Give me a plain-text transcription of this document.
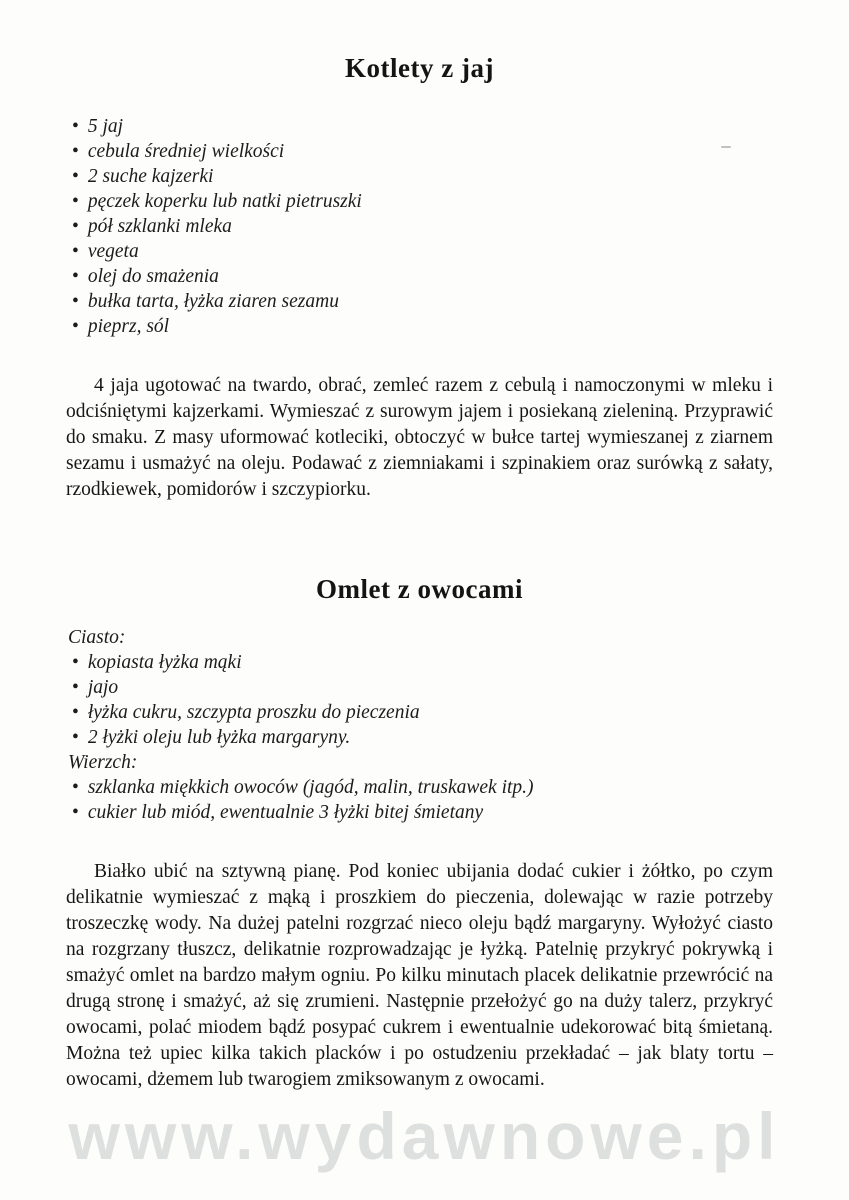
Kotlety z jaj
• 5 jaj
• cebula średniej wielkości
• 2 suche kajzerki
• pęczek koperku lub natki pietruszki
• pół szklanki mleka
• vegeta
• olej do smażenia
• bułka tarta, łyżka ziaren sezamu
• pieprz, sól

4 jaja ugotować na twardo, obrać, zemleć razem z cebulą i namoczonymi w mleku i odciśniętymi kajzerkami. Wymieszać z surowym jajem i posiekaną zieleniną. Przyprawić do smaku. Z masy uformować kotleciki, obtoczyć w bułce tartej wymieszanej z ziarnem sezamu i usmażyć na oleju. Podawać z ziemniakami i szpinakiem oraz surówką z sałaty, rzodkiewek, pomidorów i szczypiorku.

Omlet z owocami
Ciasto:
• kopiasta łyżka mąki
• jajo
• łyżka cukru, szczypta proszku do pieczenia
• 2 łyżki oleju lub łyżka margaryny.
Wierzch:
• szklanka miękkich owoców (jagód, malin, truskawek itp.)
• cukier lub miód, ewentualnie 3 łyżki bitej śmietany

Białko ubić na sztywną pianę. Pod koniec ubijania dodać cukier i żółtko, po czym delikatnie wymieszać z mąką i proszkiem do pieczenia, dolewając w razie potrzeby troszeczkę wody. Na dużej patelni rozgrzać nieco oleju bądź margaryny. Wyłożyć ciasto na rozgrzany tłuszcz, delikatnie rozprowadzając je łyżką. Patelnię przykryć pokrywką i smażyć omlet na bardzo małym ogniu. Po kilku minutach placek delikatnie przewrócić na drugą stronę i smażyć, aż się zrumieni. Następnie przełożyć go na duży talerz, przykryć owocami, polać miodem bądź posypać cukrem i ewentualnie udekorować bitą śmietaną. Można też upiec kilka takich placków i po ostudzeniu przekładać – jak blaty tortu – owocami, dżemem lub twarogiem zmiksowanym z owocami.

www.wydawnowe.pl
